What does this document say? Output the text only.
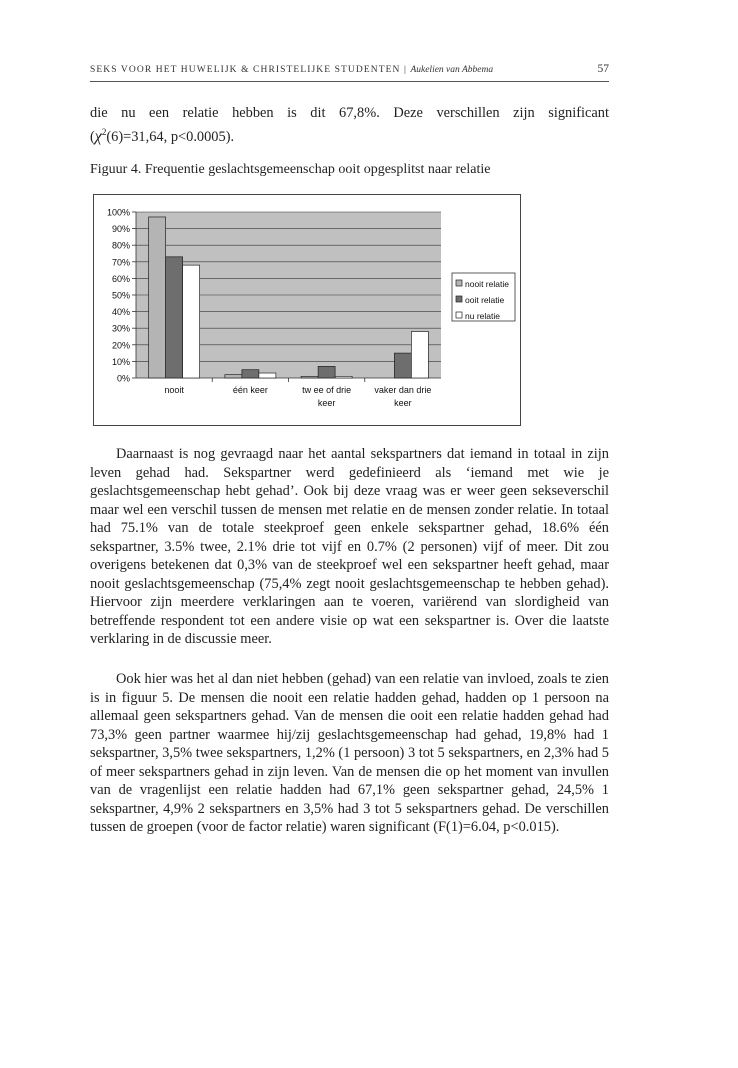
SEKS VOOR HET HUWELIJK & CHRISTELIJKE STUDENTEN | Aukelien van Abbema	57

die nu een relatie hebben is dit 67,8%. Deze verschillen zijn significant

($\chi^2(6)=31,64$, p<0.0005).

Figuur 4. Frequentie geslachtsgemeenschap ooit opgesplitst naar relatie
0%
10%
20%
30%
40%
50%
60%
70%
80%
90%
100%
nooit	één keer	tw ee of drie
keer
vaker dan drie
keer
nooit relatie
ooit relatie
nu relatie
Daarnaast is nog gevraagd naar het aantal sekspartners dat iemand in totaal in zijn leven gehad had. Sekspartner werd gedefinieerd als ‘iemand met wie je geslachtsgemeenschap hebt gehad’. Ook bij deze vraag was er weer geen sekseverschil maar wel een verschil tussen de mensen met relatie en de mensen zonder relatie. In totaal had 75.1% van de totale steekproef geen enkele sekspartner gehad, 18.6% één sekspartner, 3.5% twee, 2.1% drie tot vijf en 0.7% (2 personen) vijf of meer. Dit zou overigens betekenen dat 0,3% van de steekproef wel een sekspartner heeft gehad, maar nooit geslachtsgemeenschap (75,4% zegt nooit geslachtsgemeenschap te hebben gehad). Hiervoor zijn meerdere verklaringen aan te voeren, variërend van slordigheid van betreffende respondent tot een andere visie op wat een sekspartner is. Over die laatste verklaring in de discussie meer.
Ook hier was het al dan niet hebben (gehad) van een relatie van invloed, zoals te zien is in figuur 5. De mensen die nooit een relatie hadden gehad, hadden op 1 persoon na allemaal geen sekspartners gehad. Van de mensen die ooit een relatie hadden gehad had 73,3% geen partner waarmee hij/zij geslachtsgemeenschap had gehad, 19,8% had 1 sekspartner, 3,5% twee sekspartners, 1,2% (1 persoon) 3 tot 5 sekspartners, en 2,3% had 5 of meer sekspartners gehad in zijn leven. Van de mensen die op het moment van invullen van de vragenlijst een relatie hadden had 67,1% geen sekspartner gehad, 24,5% 1 sekspartner, 4,9% 2 sekspartners en 3,5% had 3 tot 5 sekspartners gehad. De verschillen tussen de groepen (voor de factor relatie) waren significant (F(1)=6.04, p<0.015).
